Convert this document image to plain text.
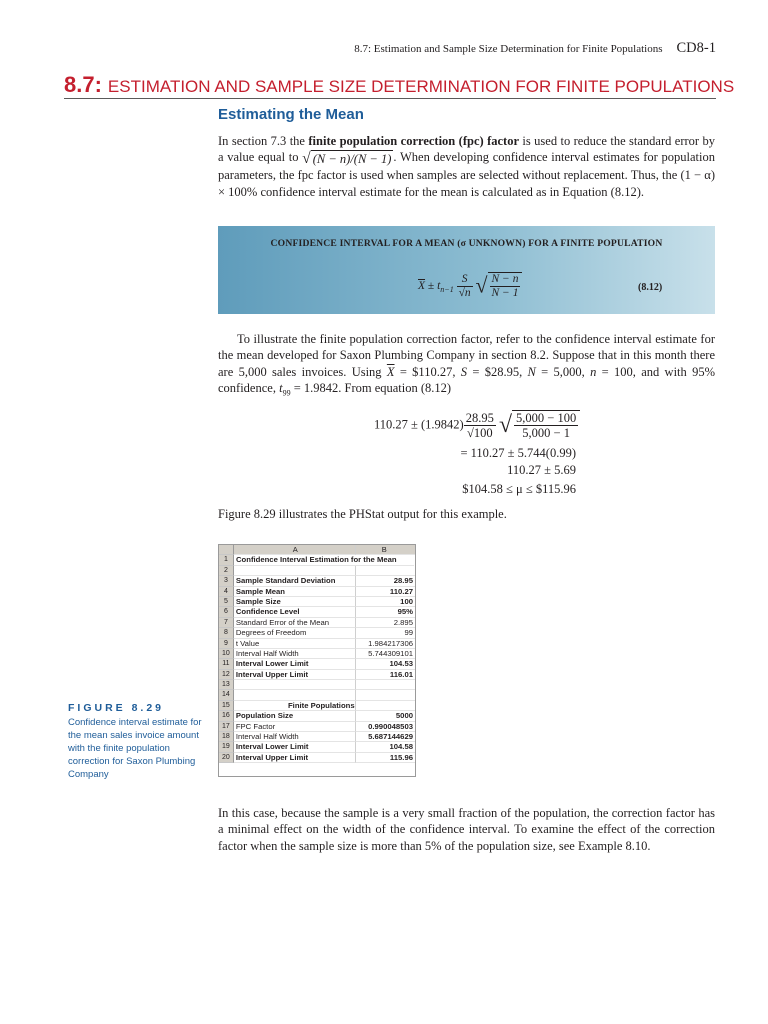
8.7: Estimation and Sample Size Determination for Finite Populations CD8-1
8.7: ESTIMATION AND SAMPLE SIZE DETERMINATION FOR FINITE POPULATIONS
Estimating the Mean
In section 7.3 the finite population correction (fpc) factor is used to reduce the standard error by a value equal to √ (N − n)/(N − 1) . When developing confidence interval estimates for population parameters, the fpc factor is used when samples are selected without replacement. Thus, the (1 − α) × 100% confidence interval estimate for the mean is calculated as in Equation (8.12).
CONFIDENCE INTERVAL FOR A MEAN (σ UNKNOWN) FOR A FINITE POPULATION
$\overline{X} \pm t_{n-1} \frac{S}{√n}$ √ $\frac{N - n}{N - 1}$	(8.12)
To illustrate the finite population correction factor, refer to the confidence interval estimate for the mean developed for Saxon Plumbing Company in section 8.2. Suppose that in this month there are 5,000 sales invoices. Using $\overline{X}$ = $110.27, S = $28.95, N = 5,000, n = 100, and with 95% confidence, $t_{99} = 1.9842$. From equation (8.12)
$110.27 \pm (1.9842) \frac{28.95}{√100}$ √ $\frac{5,000 - 100}{5,000 - 1}$
= 110.27 ± 5.744(0.99)
110.27 ± 5.69
$104.58 ≤ μ ≤ $115.96
Figure 8.29 illustrates the PHStat output for this example.
A	B
1	Confidence Interval Estimation for the Mean
2
3	Sample Standard Deviation	28.95
4	Sample Mean	110.27
5	Sample Size	100
6	Confidence Level	95%
7	Standard Error of the Mean	2.895
8	Degrees of Freedom	99
9	t Value	1.984217306
10 Interval Half Width	5.744309101
11 Interval Lower Limit	104.53
12 Interval Upper Limit	116.01
13
14
15	Finite Populations
16 Population Size	5000
17 FPC Factor	0.990048503
18 Interval Half Width	5.687144629
19 Interval Lower Limit	104.58
20 Interval Upper Limit	115.96
FIGURE 8.29
Confidence interval estimate for the mean sales invoice amount with the finite population correction for Saxon Plumbing Company
In this case, because the sample is a very small fraction of the population, the correction factor has a minimal effect on the width of the confidence interval. To examine the effect of the correction factor when the sample size is more than 5% of the population size, see Example 8.10.
